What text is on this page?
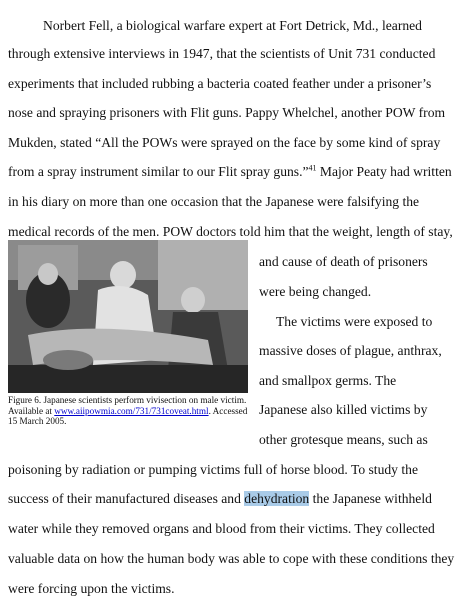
Norbert Fell, a biological warfare expert at Fort Detrick, Md., learned
through extensive interviews in 1947, that the scientists of Unit 731 conducted
experiments that included rubbing a bacteria coated feather under a prisoner’s
nose and spraying prisoners with Flit guns. Pappy Whelchel, another POW from
Mukden, stated “All the POWs were sprayed on the face by some kind of spray
from a spray instrument similar to our Flit spray guns.”$^{41}$ Major Peaty had written
in his diary on more than one occasion that the Japanese were falsifying the
medical records of the men. POW doctors told him that the weight, length of stay,
Figure 6. Japanese scientists perform vivisection on male victim. Available at www.aiipowmia.com/731/731coveat.html. Accessed 15 March 2005.
and cause of death of prisoners
were being changed.
The victims were exposed to
massive doses of plague, anthrax,
and smallpox germs. The
Japanese also killed victims by
other grotesque means, such as
poisoning by radiation or pumping victims full of horse blood. To study the
success of their manufactured diseases and dehydration the Japanese withheld
water while they removed organs and blood from their victims. They collected
valuable data on how the human body was able to cope with these conditions they
were forcing upon the victims.
